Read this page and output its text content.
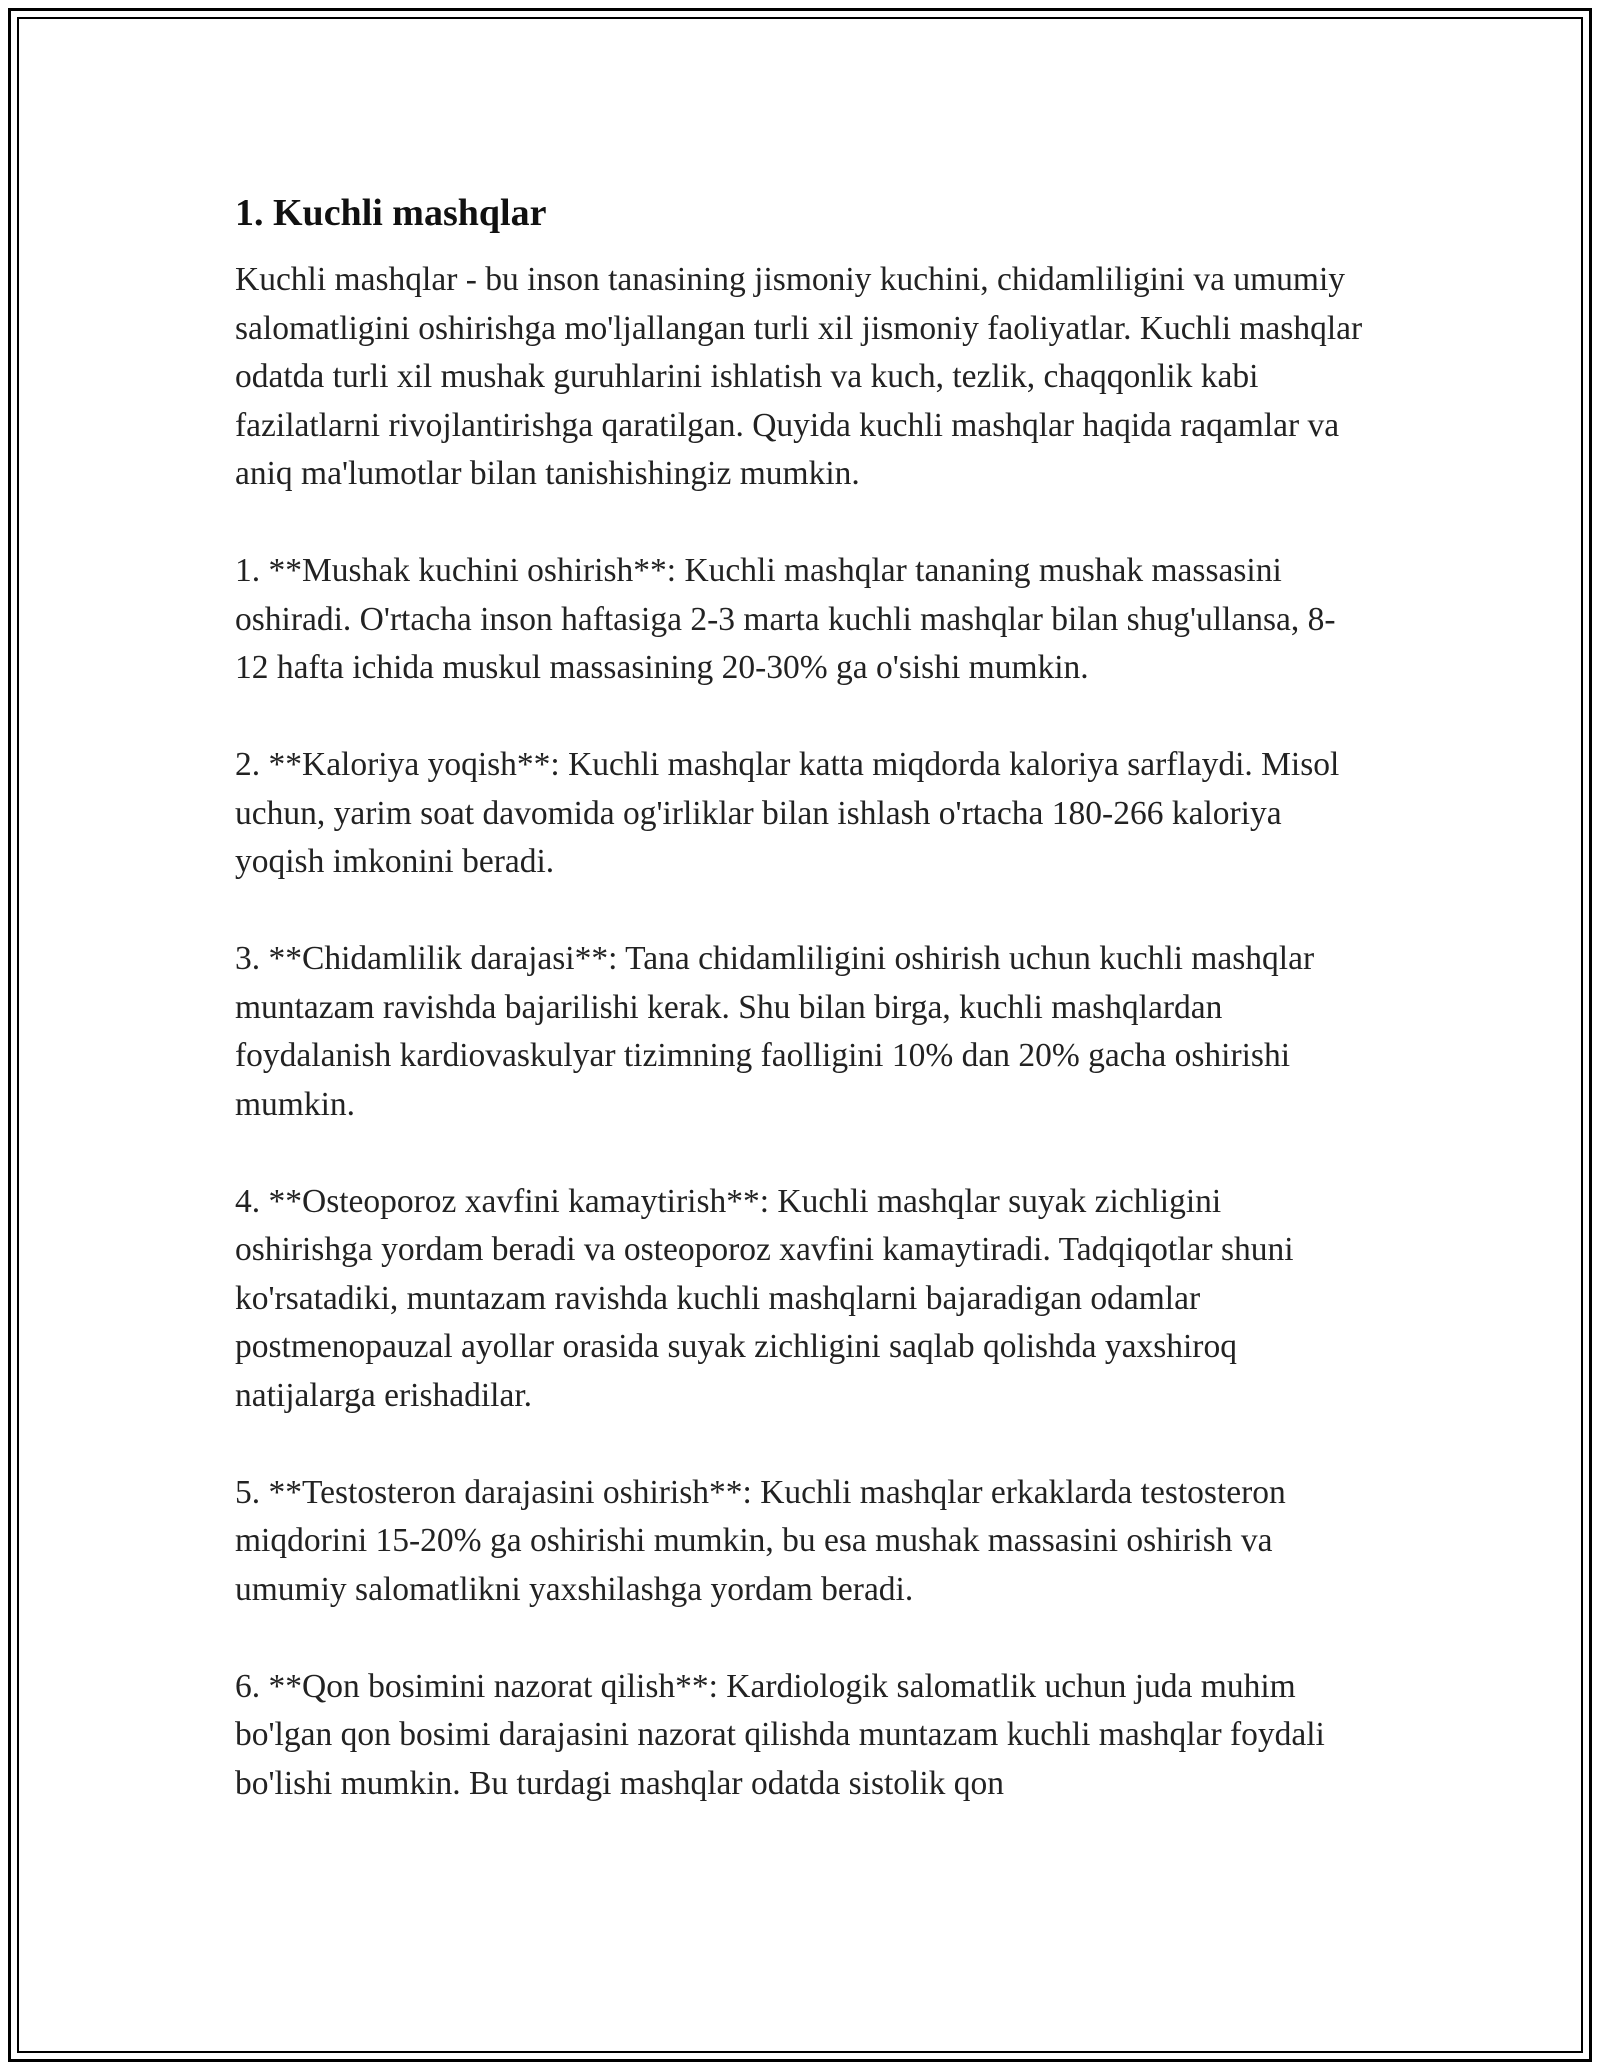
1. Kuchli mashqlar

Kuchli mashqlar - bu inson tanasining jismoniy kuchini, chidamliligini va umumiy salomatligini oshirishga mo'ljallangan turli xil jismoniy faoliyatlar. Kuchli mashqlar odatda turli xil mushak guruhlarini ishlatish va kuch, tezlik, chaqqonlik kabi fazilatlarni rivojlantirishga qaratilgan. Quyida kuchli mashqlar haqida raqamlar va aniq ma'lumotlar bilan tanishishingiz mumkin.

1. **Mushak kuchini oshirish**: Kuchli mashqlar tananing mushak massasini oshiradi. O'rtacha inson haftasiga 2-3 marta kuchli mashqlar bilan shug'ullansa, 8-12 hafta ichida muskul massasining 20-30% ga o'sishi mumkin.

2. **Kaloriya yoqish**: Kuchli mashqlar katta miqdorda kaloriya sarflaydi. Misol uchun, yarim soat davomida og'irliklar bilan ishlash o'rtacha 180-266 kaloriya yoqish imkonini beradi.

3. **Chidamlilik darajasi**: Tana chidamliligini oshirish uchun kuchli mashqlar muntazam ravishda bajarilishi kerak. Shu bilan birga, kuchli mashqlardan foydalanish kardiovaskulyar tizimning faolligini 10% dan 20% gacha oshirishi mumkin.

4. **Osteoporoz xavfini kamaytirish**: Kuchli mashqlar suyak zichligini oshirishga yordam beradi va osteoporoz xavfini kamaytiradi. Tadqiqotlar shuni ko'rsatadiki, muntazam ravishda kuchli mashqlarni bajaradigan odamlar postmenopauzal ayollar orasida suyak zichligini saqlab qolishda yaxshiroq natijalarga erishadilar.

5. **Testosteron darajasini oshirish**: Kuchli mashqlar erkaklarda testosteron miqdorini 15-20% ga oshirishi mumkin, bu esa mushak massasini oshirish va umumiy salomatlikni yaxshilashga yordam beradi.

6. **Qon bosimini nazorat qilish**: Kardiologik salomatlik uchun juda muhim bo'lgan qon bosimi darajasini nazorat qilishda muntazam kuchli mashqlar foydali bo'lishi mumkin. Bu turdagi mashqlar odatda sistolik qon
